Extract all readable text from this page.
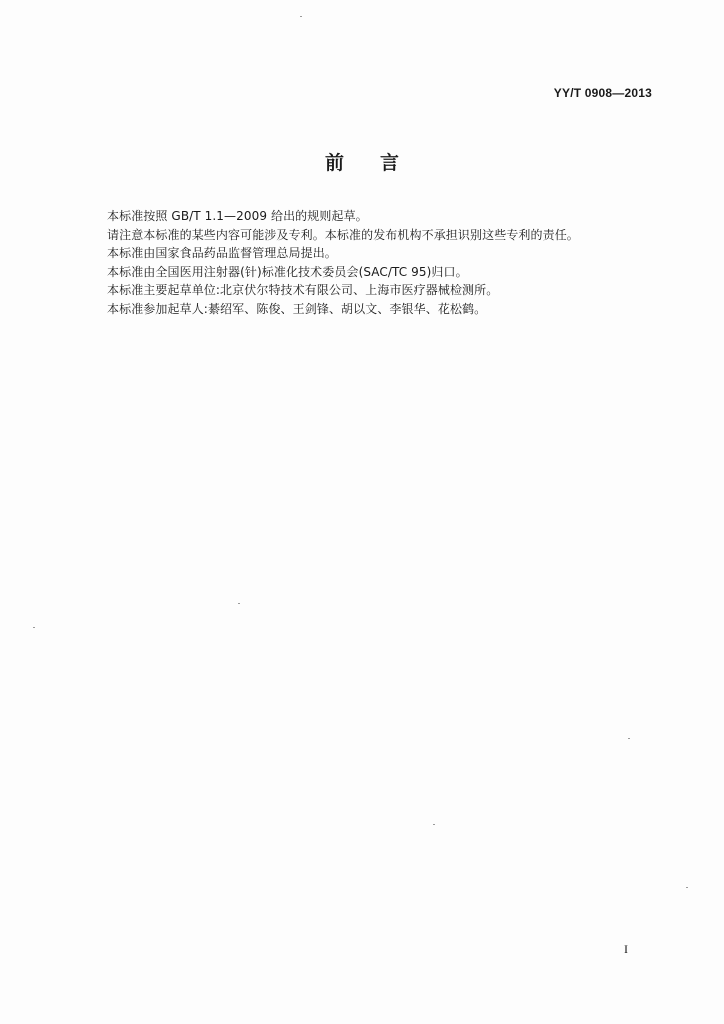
YY/T 0908—2013
前言

本标准按照 GB/T 1.1—2009 给出的规则起草。

请注意本标准的某些内容可能涉及专利。本标准的发布机构不承担识别这些专利的责任。

本标准由国家食品药品监督管理总局提出。

本标准由全国医用注射器(针)标准化技术委员会(SAC/TC 95)归口。

本标准主要起草单位:北京伏尔特技术有限公司、上海市医疗器械检测所。

本标准参加起草人:綦绍军、陈俊、王剑锋、胡以文、李银华、花松鹤。

I
